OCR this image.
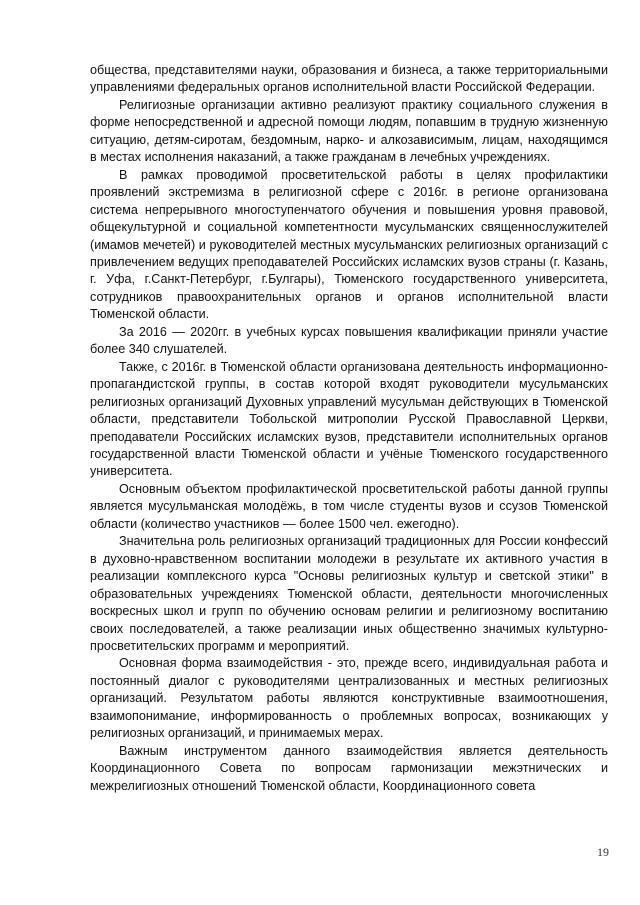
общества, представителями науки, образования и бизнеса, а также территориальными управлениями федеральных органов исполнительной власти Российской Федерации.

Религиозные организации активно реализуют практику социального служения в форме непосредственной и адресной помощи людям, попавшим в трудную жизненную ситуацию, детям-сиротам, бездомным, нарко- и алкозависимым, лицам, находящимся в местах исполнения наказаний, а также гражданам в лечебных учреждениях.

В рамках проводимой просветительской работы в целях профилактики проявлений экстремизма в религиозной сфере с 2016г. в регионе организована система непрерывного многоступенчатого обучения и повышения уровня правовой, общекультурной и социальной компетентности мусульманских священнослужителей (имамов мечетей) и руководителей местных мусульманских религиозных организаций с привлечением ведущих преподавателей Российских исламских вузов страны (г. Казань, г. Уфа, г.Санкт-Петербург, г.Булгары), Тюменского государственного университета, сотрудников правоохранительных органов и органов исполнительной власти Тюменской области.

За 2016 — 2020гг. в учебных курсах повышения квалификации приняли участие более 340 слушателей.

Также, с 2016г. в Тюменской области организована деятельность информационно-пропагандистской группы, в состав которой входят руководители мусульманских религиозных организаций Духовных управлений мусульман действующих в Тюменской области, представители Тобольской митрополии Русской Православной Церкви, преподаватели Российских исламских вузов, представители исполнительных органов государственной власти Тюменской области и учёные Тюменского государственного университета.

Основным объектом профилактической просветительской работы данной группы является мусульманская молодёжь, в том числе студенты вузов и ссузов Тюменской области (количество участников — более 1500 чел. ежегодно).

Значительна роль религиозных организаций традиционных для России конфессий в духовно-нравственном воспитании молодежи в результате их активного участия в реализации комплексного курса "Основы религиозных культур и светской этики" в образовательных учреждениях Тюменской области, деятельности многочисленных воскресных школ и групп по обучению основам религии и религиозному воспитанию своих последователей, а также реализации иных общественно значимых культурно-просветительских программ и мероприятий.

Основная форма взаимодействия - это, прежде всего, индивидуальная работа и постоянный диалог с руководителями централизованных и местных религиозных организаций. Результатом работы являются конструктивные взаимоотношения, взаимопонимание, информированность о проблемных вопросах, возникающих у религиозных организаций, и принимаемых мерах.

Важным инструментом данного взаимодействия является деятельность Координационного Совета по вопросам гармонизации межэтнических и межрелигиозных отношений Тюменской области, Координационного совета

19
